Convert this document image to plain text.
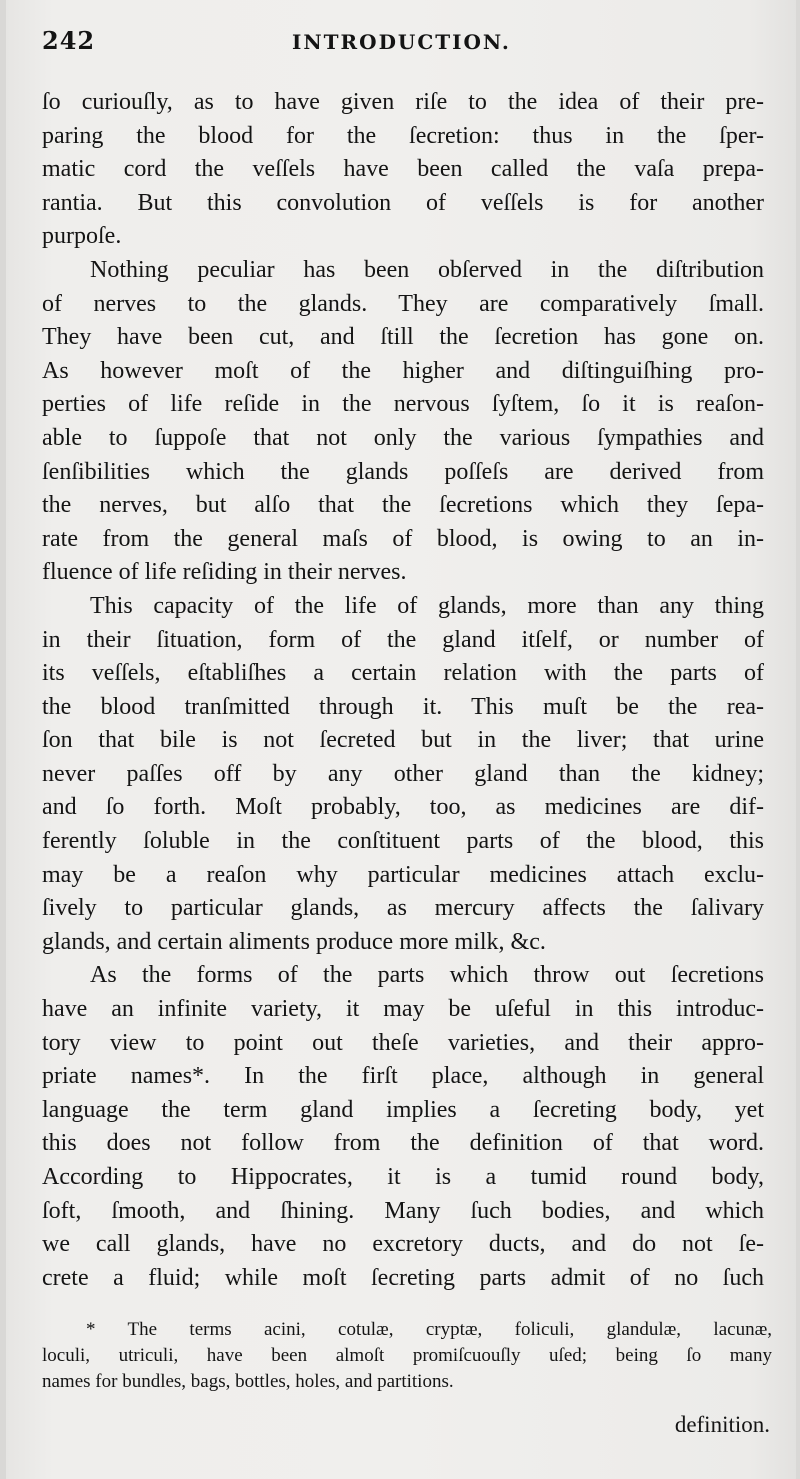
242	INTRODUCTION.
ſo curiouſly, as to have given riſe to the idea of their pre-
paring the blood for the ſecretion: thus in the ſper-
matic cord the veſſels have been called the vaſa prepa-
rantia. But this convolution of veſſels is for another
purpoſe.
Nothing peculiar has been obſerved in the diſtribution
of nerves to the glands. They are comparatively ſmall.
They have been cut, and ſtill the ſecretion has gone on.
As however moſt of the higher and diſtinguiſhing pro-
perties of life reſide in the nervous ſyſtem, ſo it is reaſon-
able to ſuppoſe that not only the various ſympathies and
ſenſibilities which the glands poſſeſs are derived from
the nerves, but alſo that the ſecretions which they ſepa-
rate from the general maſs of blood, is owing to an in-
fluence of life reſiding in their nerves.
This capacity of the life of glands, more than any thing
in their ſituation, form of the gland itſelf, or number of
its veſſels, eſtabliſhes a certain relation with the parts of
the blood tranſmitted through it. This muſt be the rea-
ſon that bile is not ſecreted but in the liver; that urine
never paſſes off by any other gland than the kidney;
and ſo forth. Moſt probably, too, as medicines are dif-
ferently ſoluble in the conſtituent parts of the blood, this
may be a reaſon why particular medicines attach exclu-
ſively to particular glands, as mercury affects the ſalivary
glands, and certain aliments produce more milk, &c.
As the forms of the parts which throw out ſecretions
have an infinite variety, it may be uſeful in this introduc-
tory view to point out theſe varieties, and their appro-
priate names*. In the firſt place, although in general
language the term gland implies a ſecreting body, yet
this does not follow from the definition of that word.
According to Hippocrates, it is a tumid round body,
ſoft, ſmooth, and ſhining. Many ſuch bodies, and which
we call glands, have no excretory ducts, and do not ſe-
crete a fluid; while moſt ſecreting parts admit of no ſuch
* The terms acini, cotulæ, cryptæ, foliculi, glandulæ, lacunæ,
loculi, utriculi, have been almoſt promiſcuouſly uſed; being ſo many
names for bundles, bags, bottles, holes, and partitions.
definition.
